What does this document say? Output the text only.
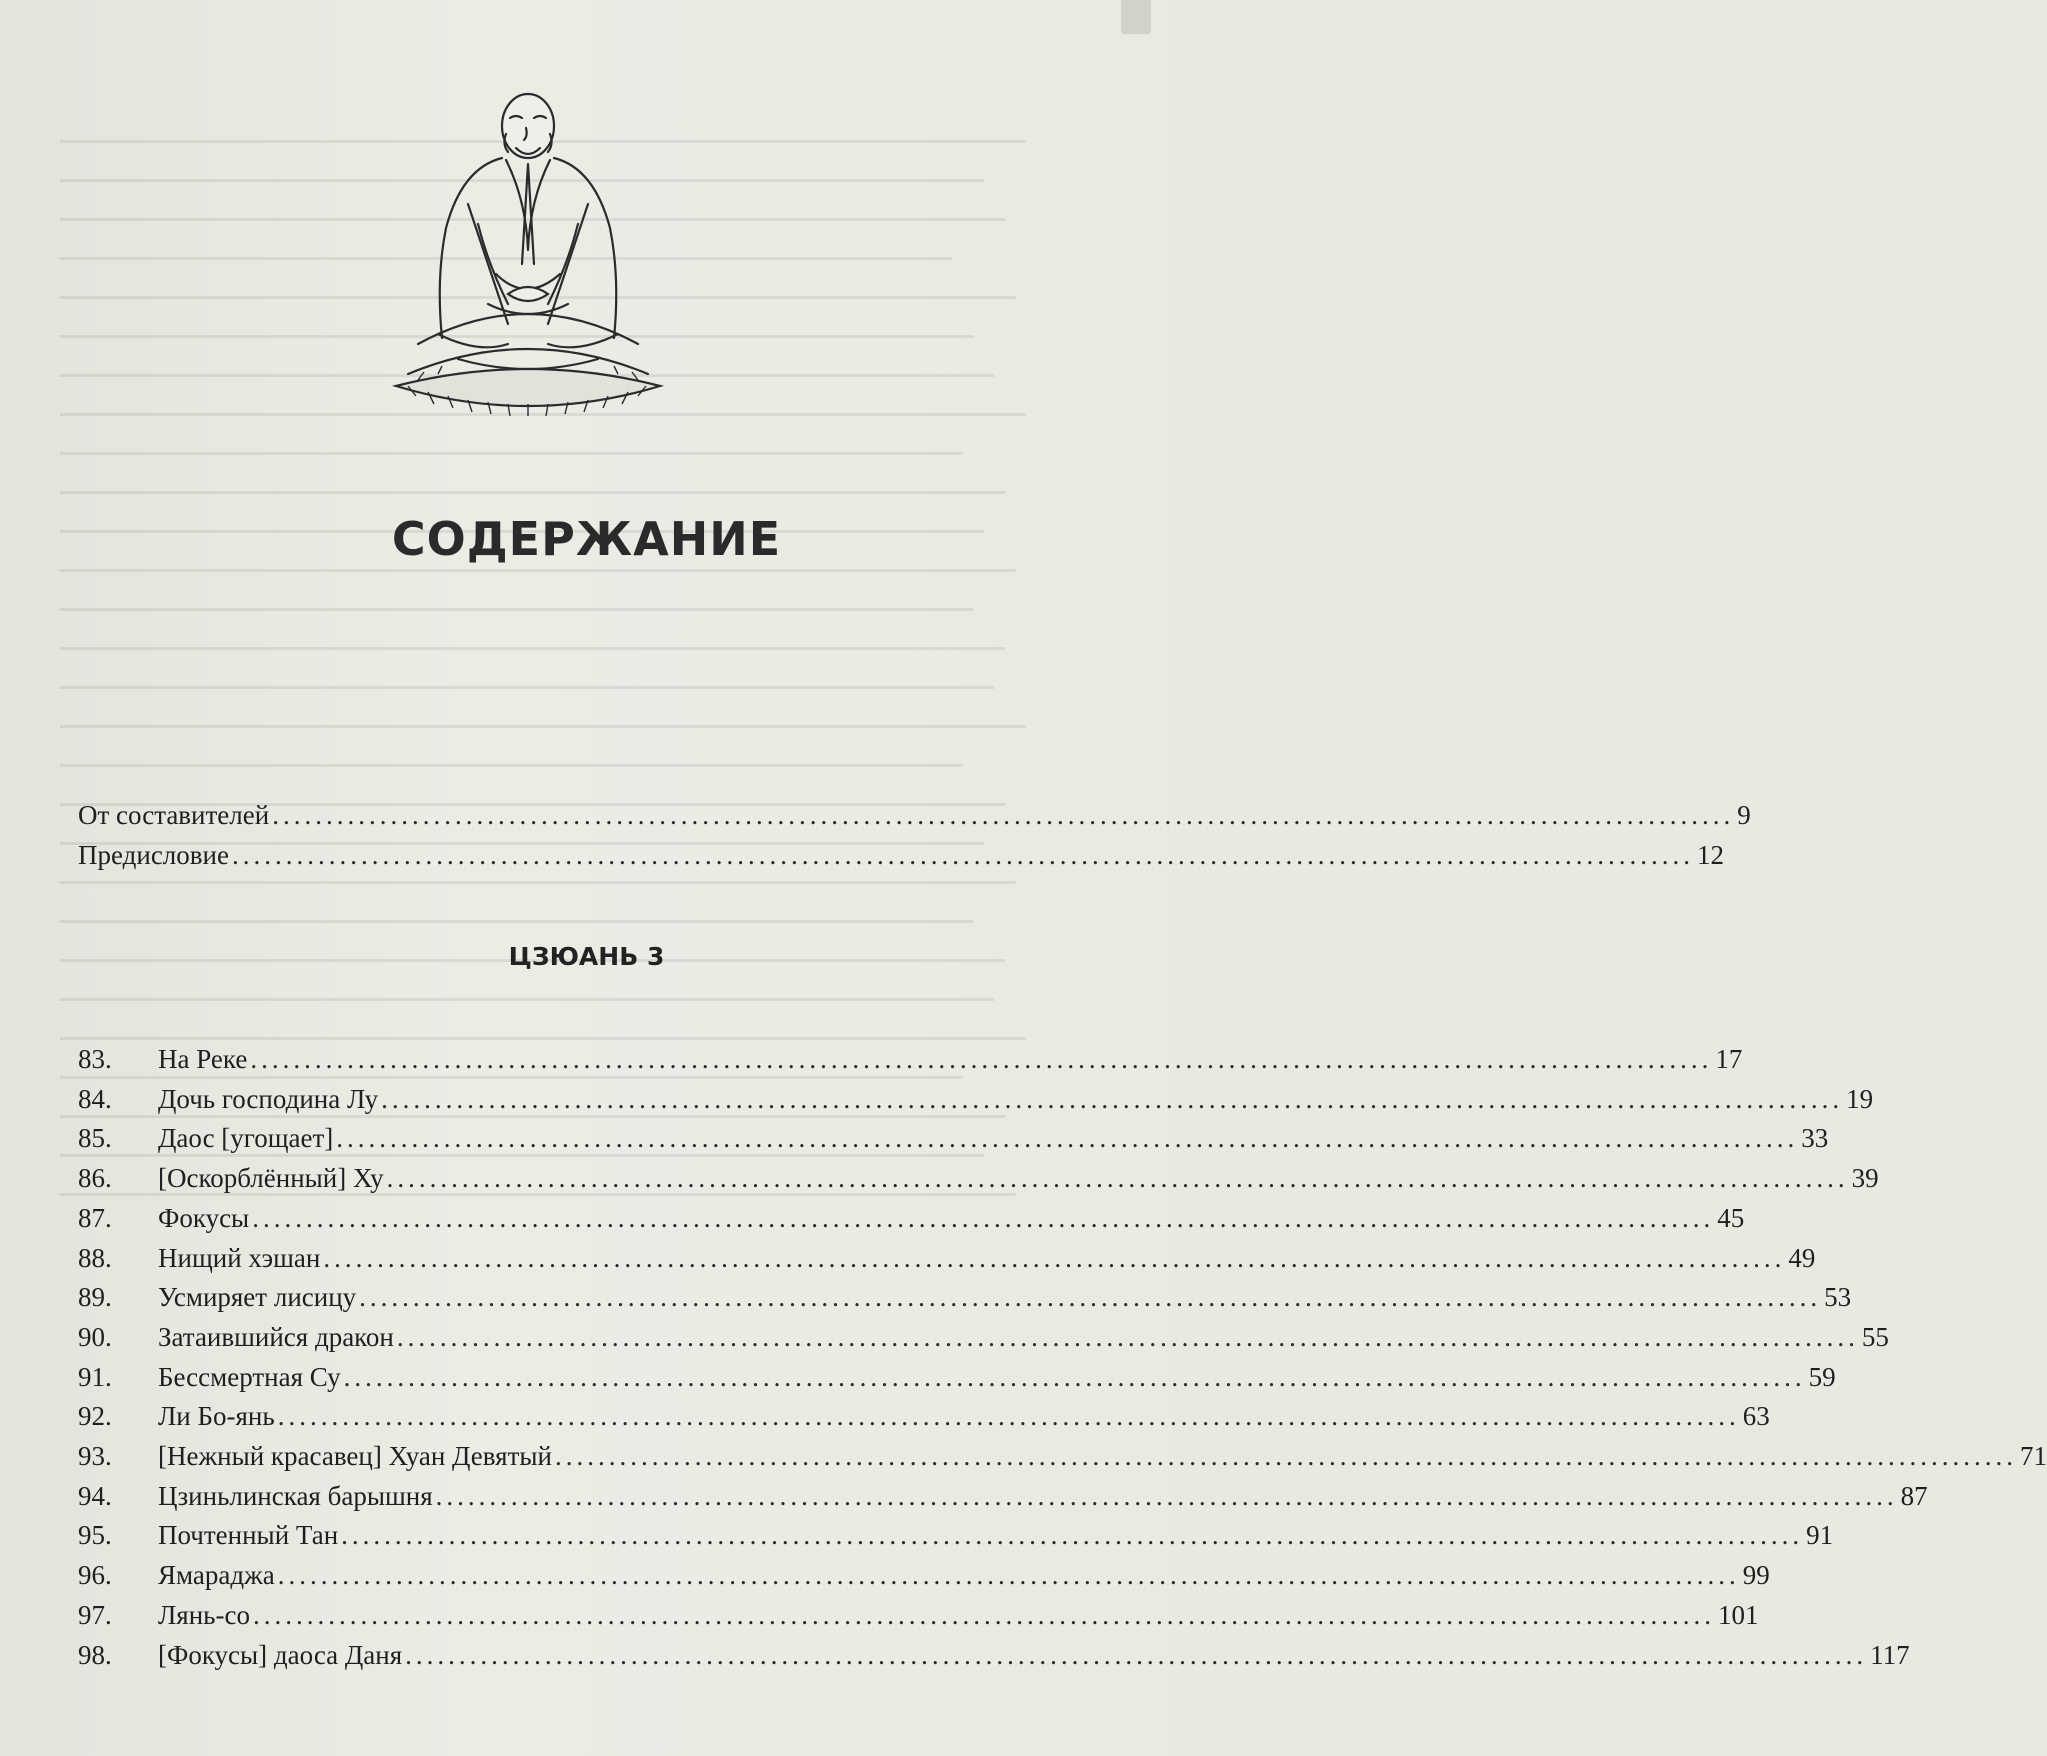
СОДЕРЖАНИЕ
От составителей ........................................................................................................................................ 9
Предисловие ........................................................................................................................................ 12
ЦЗЮАНЬ 3
83.	На Реке ........................................................................................................................................ 17
84.	Дочь господина Лу ........................................................................................................................................ 19
85.	Даос [угощает] ........................................................................................................................................ 33
86.	[Оскорблённый] Ху ........................................................................................................................................ 39
87.	Фокусы ........................................................................................................................................ 45
88.	Нищий хэшан ........................................................................................................................................ 49
89.	Усмиряет лисицу ........................................................................................................................................ 53
90.	Затаившийся дракон ........................................................................................................................................ 55
91.	Бессмертная Су ........................................................................................................................................ 59
92.	Ли Бо-янь ........................................................................................................................................ 63
93.	[Нежный красавец] Хуан Девятый ........................................................................................................................................ 71
94.	Цзиньлинская барышня ........................................................................................................................................ 87
95.	Почтенный Тан ........................................................................................................................................ 91
96.	Ямараджа ........................................................................................................................................ 99
97.	Лянь-со ........................................................................................................................................ 101
98.	[Фокусы] даоса Даня ........................................................................................................................................ 117
